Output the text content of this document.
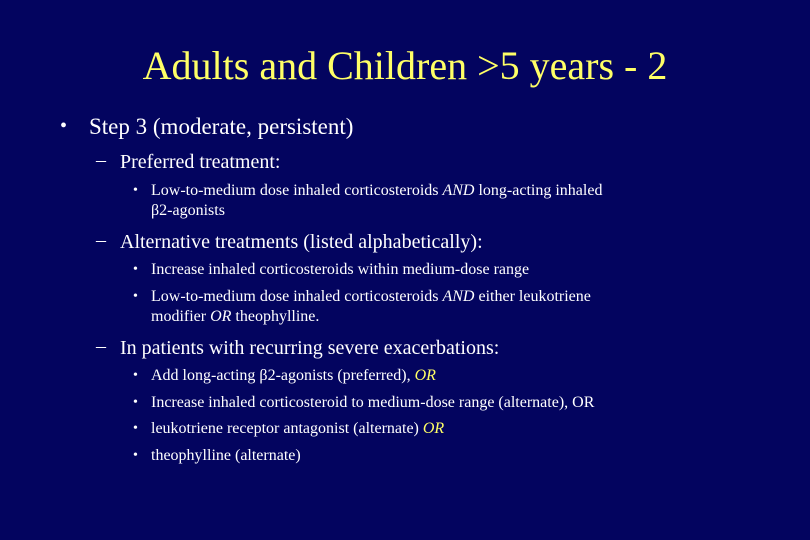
Adults and Children >5 years - 2
• Step 3 (moderate, persistent)
– Preferred treatment:
• Low-to-medium dose inhaled corticosteroids AND long-acting inhaled
β2-agonists
– Alternative treatments (listed alphabetically):
• Increase inhaled corticosteroids within medium-dose range
• Low-to-medium dose inhaled corticosteroids AND either leukotriene
modifier OR theophylline.
– In patients with recurring severe exacerbations:
• Add long-acting β2-agonists (preferred), OR
• Increase inhaled corticosteroid to medium-dose range (alternate), OR
• leukotriene receptor antagonist (alternate) OR
• theophylline (alternate)
